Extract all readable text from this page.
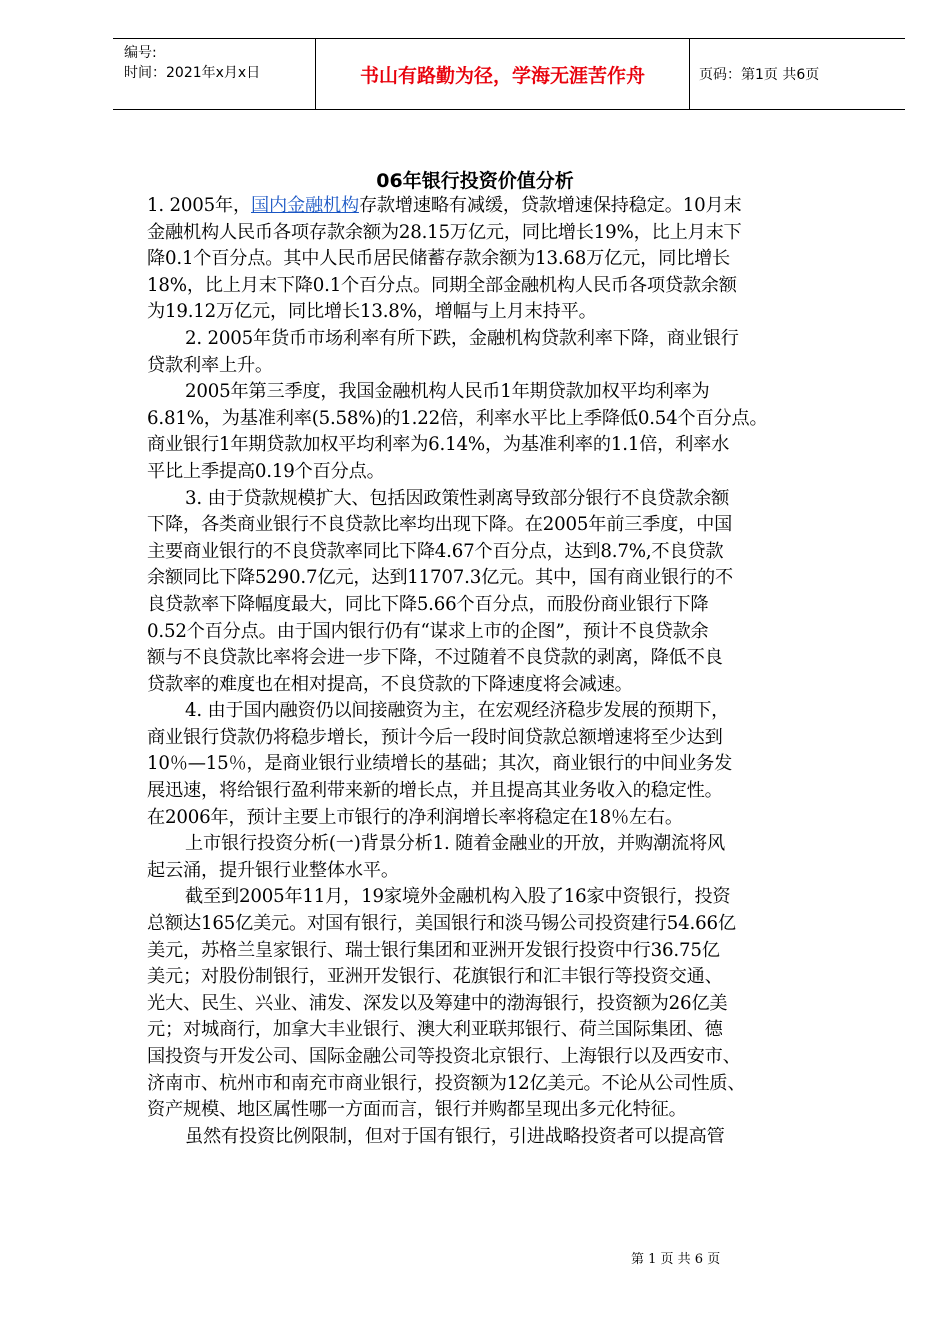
编号:
时间：2021年x月x日	书山有路勤为径，学海无涯苦作舟	页码：第1页 共6页
06年银行投资价值分析
1. 2005年，国内金融机构存款增速略有减缓，贷款增速保持稳定。10月末
金融机构人民币各项存款余额为28.15万亿元，同比增长19%，比上月末下
降0.1个百分点。其中人民币居民储蓄存款余额为13.68万亿元，同比增长
18%，比上月末下降0.1个百分点。同期全部金融机构人民币各项贷款余额
为19.12万亿元，同比增长13.8%，增幅与上月末持平。
2. 2005年货币市场利率有所下跌，金融机构贷款利率下降，商业银行
贷款利率上升。
2005年第三季度，我国金融机构人民币1年期贷款加权平均利率为
6.81%，为基准利率(5.58%)的1.22倍，利率水平比上季降低0.54个百分点。
商业银行1年期贷款加权平均利率为6.14%，为基准利率的1.1倍，利率水
平比上季提高0.19个百分点。
3. 由于贷款规模扩大、包括因政策性剥离导致部分银行不良贷款余额
下降，各类商业银行不良贷款比率均出现下降。在2005年前三季度，中国
主要商业银行的不良贷款率同比下降4.67个百分点，达到8.7%,不良贷款
余额同比下降5290.7亿元，达到11707.3亿元。其中，国有商业银行的不
良贷款率下降幅度最大，同比下降5.66个百分点，而股份商业银行下降
0.52个百分点。由于国内银行仍有“谋求上市的企图”，预计不良贷款余
额与不良贷款比率将会进一步下降，不过随着不良贷款的剥离，降低不良
贷款率的难度也在相对提高，不良贷款的下降速度将会减速。
4. 由于国内融资仍以间接融资为主，在宏观经济稳步发展的预期下，
商业银行贷款仍将稳步增长，预计今后一段时间贷款总额增速将至少达到
10％—15％，是商业银行业绩增长的基础；其次，商业银行的中间业务发
展迅速，将给银行盈利带来新的增长点，并且提高其业务收入的稳定性。
在2006年，预计主要上市银行的净利润增长率将稳定在18％左右。
上市银行投资分析(一)背景分析1. 随着金融业的开放，并购潮流将风
起云涌，提升银行业整体水平。
截至到2005年11月，19家境外金融机构入股了16家中资银行，投资
总额达165亿美元。对国有银行，美国银行和淡马锡公司投资建行54.66亿
美元，苏格兰皇家银行、瑞士银行集团和亚洲开发银行投资中行36.75亿
美元；对股份制银行，亚洲开发银行、花旗银行和汇丰银行等投资交通、
光大、民生、兴业、浦发、深发以及筹建中的渤海银行，投资额为26亿美
元；对城商行，加拿大丰业银行、澳大利亚联邦银行、荷兰国际集团、德
国投资与开发公司、国际金融公司等投资北京银行、上海银行以及西安市、
济南市、杭州市和南充市商业银行，投资额为12亿美元。不论从公司性质、
资产规模、地区属性哪一方面而言，银行并购都呈现出多元化特征。
虽然有投资比例限制，但对于国有银行，引进战略投资者可以提高管
第 1 页 共 6 页
